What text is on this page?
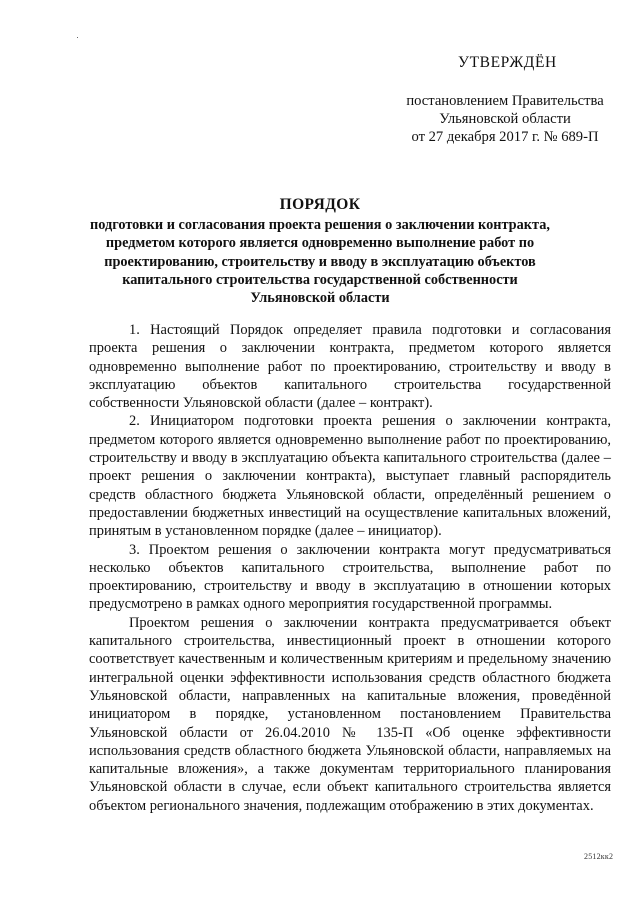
УТВЕРЖДЁН
постановлением Правительства
Ульяновской области
от 27 декабря 2017 г. № 689-П
ПОРЯДОК
подготовки и согласования проекта решения о заключении контракта, предметом которого является одновременно выполнение работ по проектированию, строительству и вводу в эксплуатацию объектов капитального строительства государственной собственности Ульяновской области

1. Настоящий Порядок определяет правила подготовки и согласования проекта решения о заключении контракта, предметом которого является одновременно выполнение работ по проектированию, строительству и вводу в эксплуатацию объектов капитального строительства государственной собственности Ульяновской области (далее – контракт).

2. Инициатором подготовки проекта решения о заключении контракта, предметом которого является одновременно выполнение работ по проектированию, строительству и вводу в эксплуатацию объекта капитального строительства (далее – проект решения о заключении контракта), выступает главный распорядитель средств областного бюджета Ульяновской области, определённый решением о предоставлении бюджетных инвестиций на осуществление капитальных вложений, принятым в установленном порядке (далее – инициатор).

3. Проектом решения о заключении контракта могут предусматриваться несколько объектов капитального строительства, выполнение работ по проектированию, строительству и вводу в эксплуатацию в отношении которых предусмотрено в рамках одного мероприятия государственной программы.

Проектом решения о заключении контракта предусматривается объект капитального строительства, инвестиционный проект в отношении которого соответствует качественным и количественным критериям и предельному значению интегральной оценки эффективности использования средств областного бюджета Ульяновской области, направленных на капитальные вложения, проведённой инициатором в порядке, установленном постановлением Правительства Ульяновской области от 26.04.2010 № 135-П «Об оценке эффективности использования средств областного бюджета Ульяновской области, направляемых на капитальные вложения», а также документам территориального планирования Ульяновской области в случае, если объект капитального строительства является объектом регионального значения, подлежащим отображению в этих документах.

2512кк2
